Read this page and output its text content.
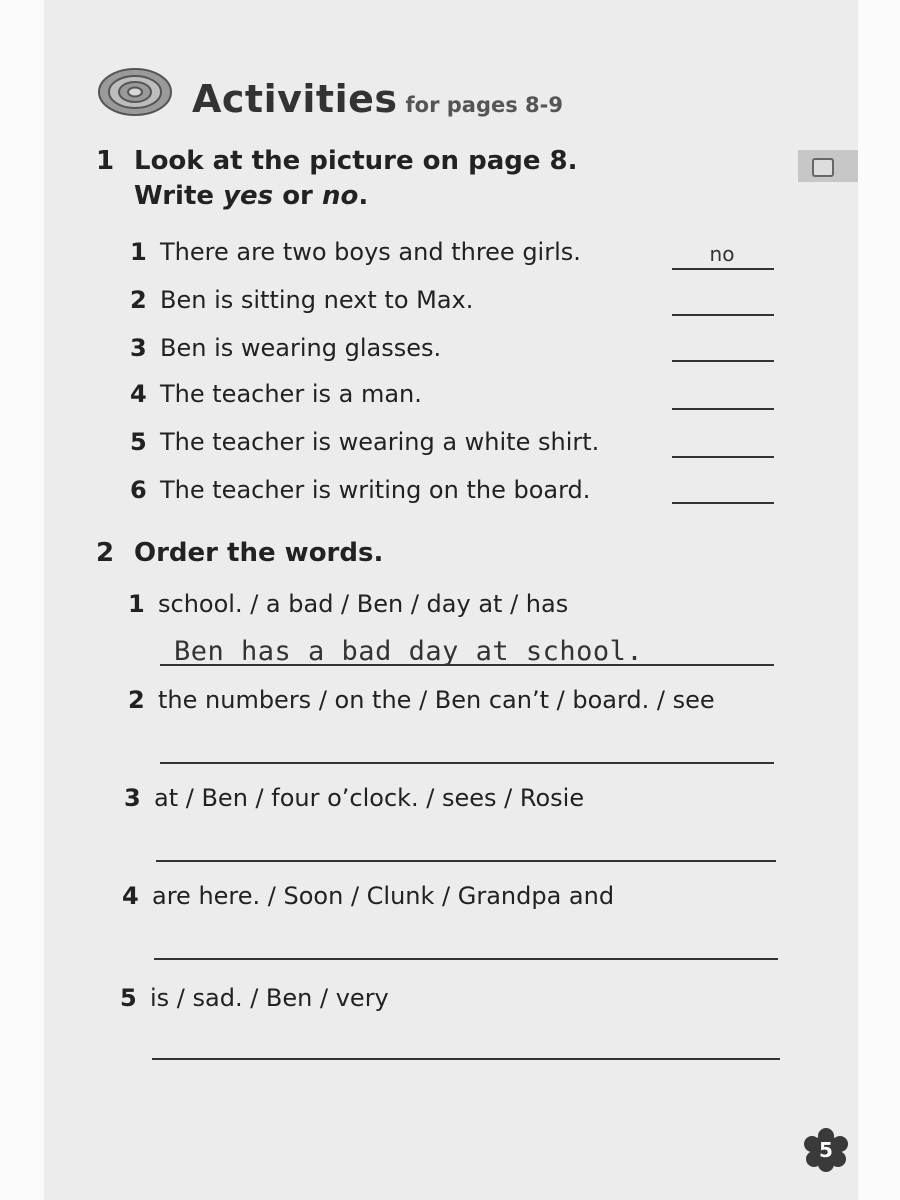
Activities for pages 8-9
1 Look at the picture on page 8.
Write yes or no.
1 There are two boys and three girls.	no
2 Ben is sitting next to Max.
3 Ben is wearing glasses.
4 The teacher is a man.
5 The teacher is wearing a white shirt.
6 The teacher is writing on the board.
2 Order the words.
1 school. / a bad / Ben / day at / has
Ben has a bad day at school.
2 the numbers / on the / Ben can’t / board. / see
3 at / Ben / four o’clock. / sees / Rosie
4 are here. / Soon / Clunk / Grandpa and
5 is / sad. / Ben / very
5
